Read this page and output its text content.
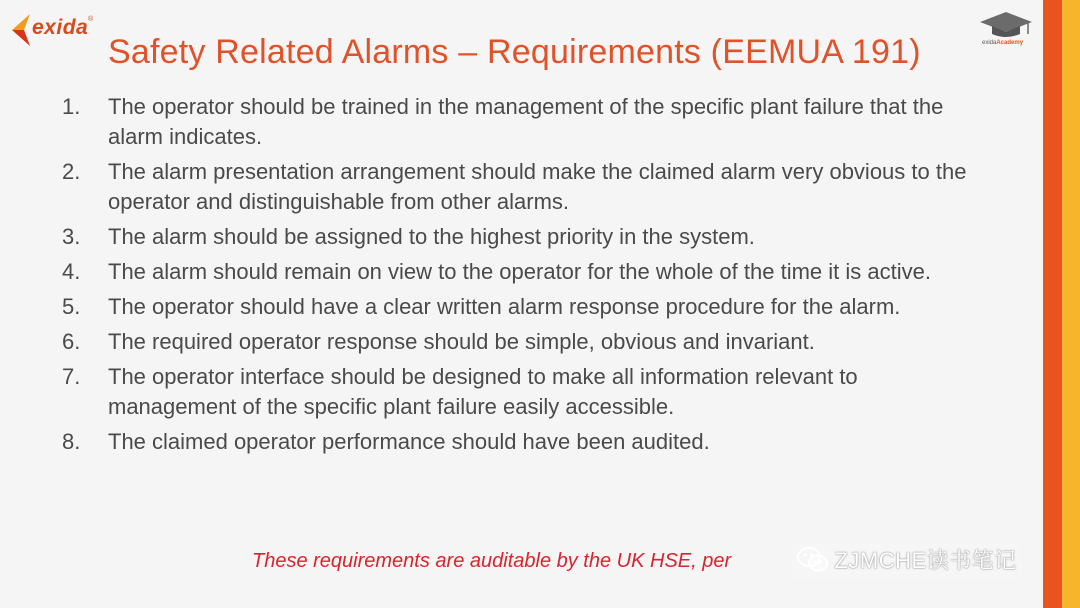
exida ®
exidaAcademy
Safety Related Alarms – Requirements (EEMUA 191)
1. The operator should be trained in the management of the specific plant failure that the alarm indicates.
2. The alarm presentation arrangement should make the claimed alarm very obvious to the operator and distinguishable from other alarms.
3. The alarm should be assigned to the highest priority in the system.
4. The alarm should remain on view to the operator for the whole of the time it is active.
5. The operator should have a clear written alarm response procedure for the alarm.
6. The required operator response should be simple, obvious and invariant.
7. The operator interface should be designed to make all information relevant to management of the specific plant failure easily accessible.
8. The claimed operator performance should have been audited.
These requirements are auditable by the UK HSE, per	ZJMCHE读书笔记
